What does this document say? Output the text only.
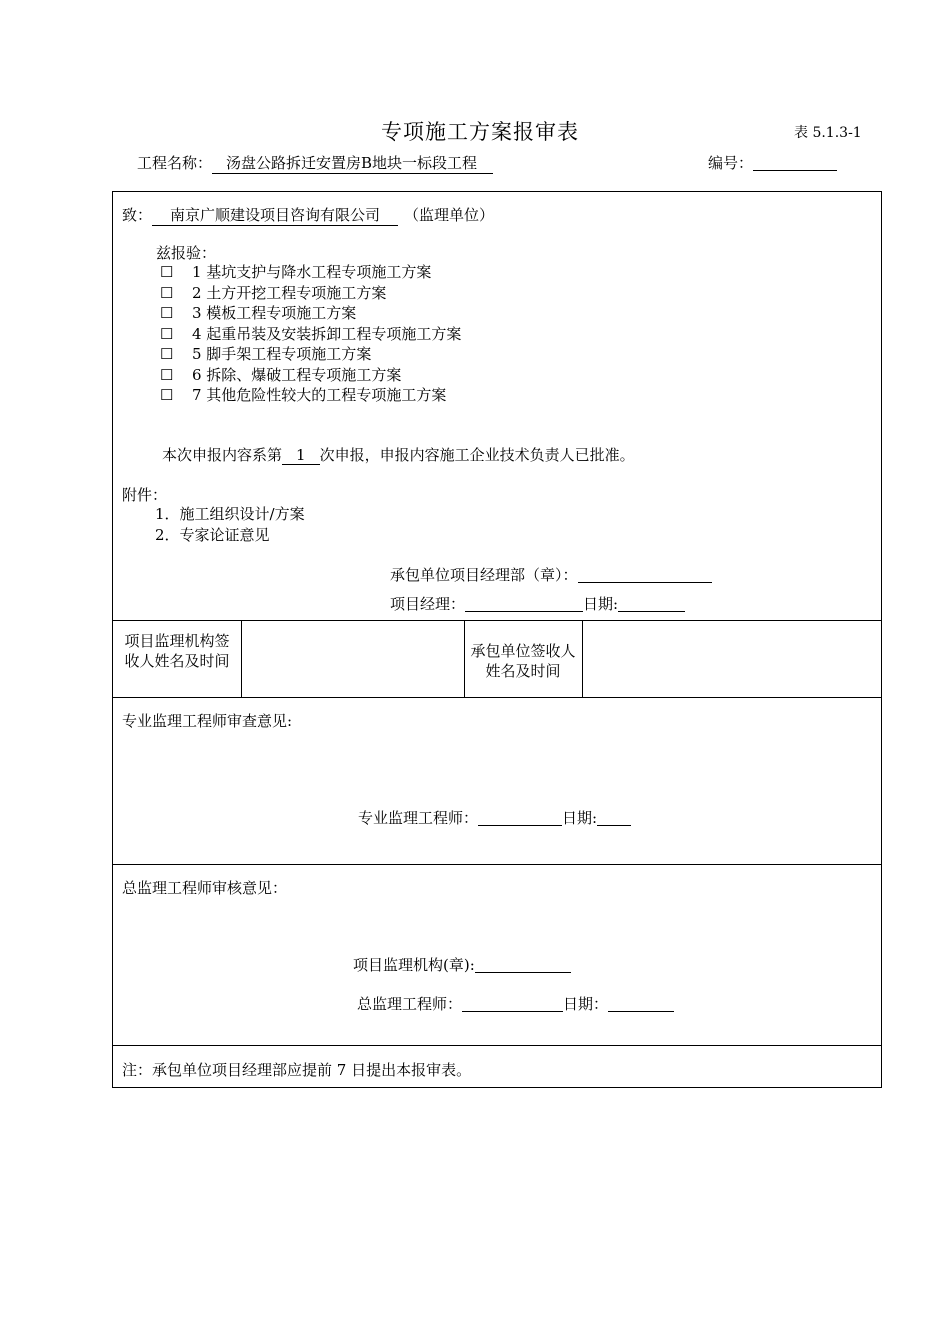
专项施工方案报审表	表 5.1.3-1
工程名称： 汤盘公路拆迁安置房B地块一标段工程	编号：
致： 南京广顺建设项目咨询有限公司 （监理单位）
兹报验：
☐ 1 基坑支护与降水工程专项施工方案
☐ 2 土方开挖工程专项施工方案
☐ 3 模板工程专项施工方案
☐ 4 起重吊装及安装拆卸工程专项施工方案
☐ 5 脚手架工程专项施工方案
☐ 6 拆除、爆破工程专项施工方案
☐ 7 其他危险性较大的工程专项施工方案
本次申报内容系第 1 次申报，申报内容施工企业技术负责人已批准。
附件：
1．施工组织设计/方案
2．专家论证意见
承包单位项目经理部（章）：
项目经理：	日期:
项目监理机构签收人姓名及时间
承包单位签收人姓名及时间
专业监理工程师审查意见:
专业监理工程师：	日期:
总监理工程师审核意见：
项目监理机构(章):
总监理工程师：	日期：
注：承包单位项目经理部应提前 7 日提出本报审表。
